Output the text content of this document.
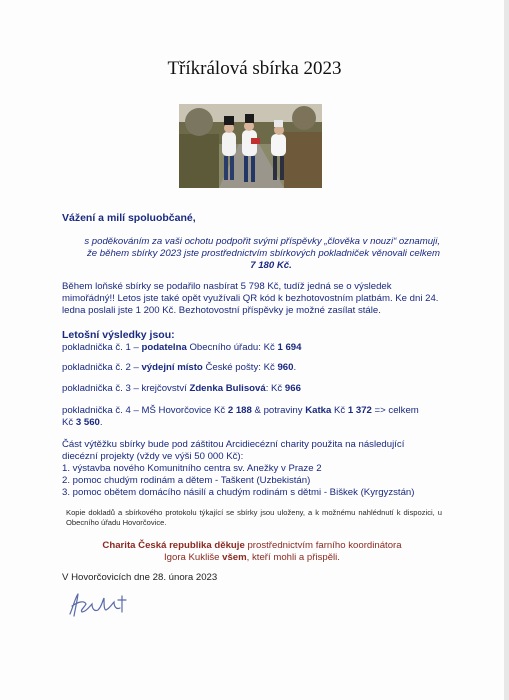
Tříkrálová sbírka 2023
Vážení a milí spoluobčané,
s poděkováním za vaši ochotu podpořit svými příspěvky „člověka v nouzi“ oznamuji,
že během sbírky 2023 jste prostřednictvím sbírkových pokladniček věnovali celkem
7 180 Kč.
Během loňské sbírky se podařilo nasbírat 5 798 Kč, tudíž jedná se o výsledek mimořádný!! Letos jste také opět využívali QR kód k bezhotovostním platbám. Ke dni 24. ledna poslali jste 1 200 Kč. Bezhotovostní příspěvky je možné zasílat stále.
Letošní výsledky jsou:
pokladnička č. 1 – podatelna Obecního úřadu: Kč 1 694
pokladnička č. 2 – výdejní místo České pošty: Kč 960.
pokladnička č. 3 – krejčovství Zdenka Bulisová: Kč 966
pokladnička č. 4 – MŠ Hovorčovice Kč 2 188 & potraviny Katka Kč 1 372 => celkem
Kč 3 560.
Část výtěžku sbírky bude pod záštitou Arcidiecézní charity použita na následující diecézní projekty (vždy ve výši 50 000 Kč):
1. výstavba nového Komunitního centra sv. Anežky v Praze 2
2. pomoc chudým rodinám a dětem - Taškent (Uzbekistán)
3. pomoc obětem domácího násilí a chudým rodinám s dětmi - Biškek (Kyrgyzstán)
Kopie dokladů a sbírkového protokolu týkající se sbírky jsou uloženy, a k možnému nahlédnutí k dispozici, u Obecního úřadu Hovorčovice.
Charita Česká republika děkuje prostřednictvím farního koordinátora
Igora Kukliše všem, kteří mohli a přispěli.
V Hovorčovicích dne 28. února 2023
